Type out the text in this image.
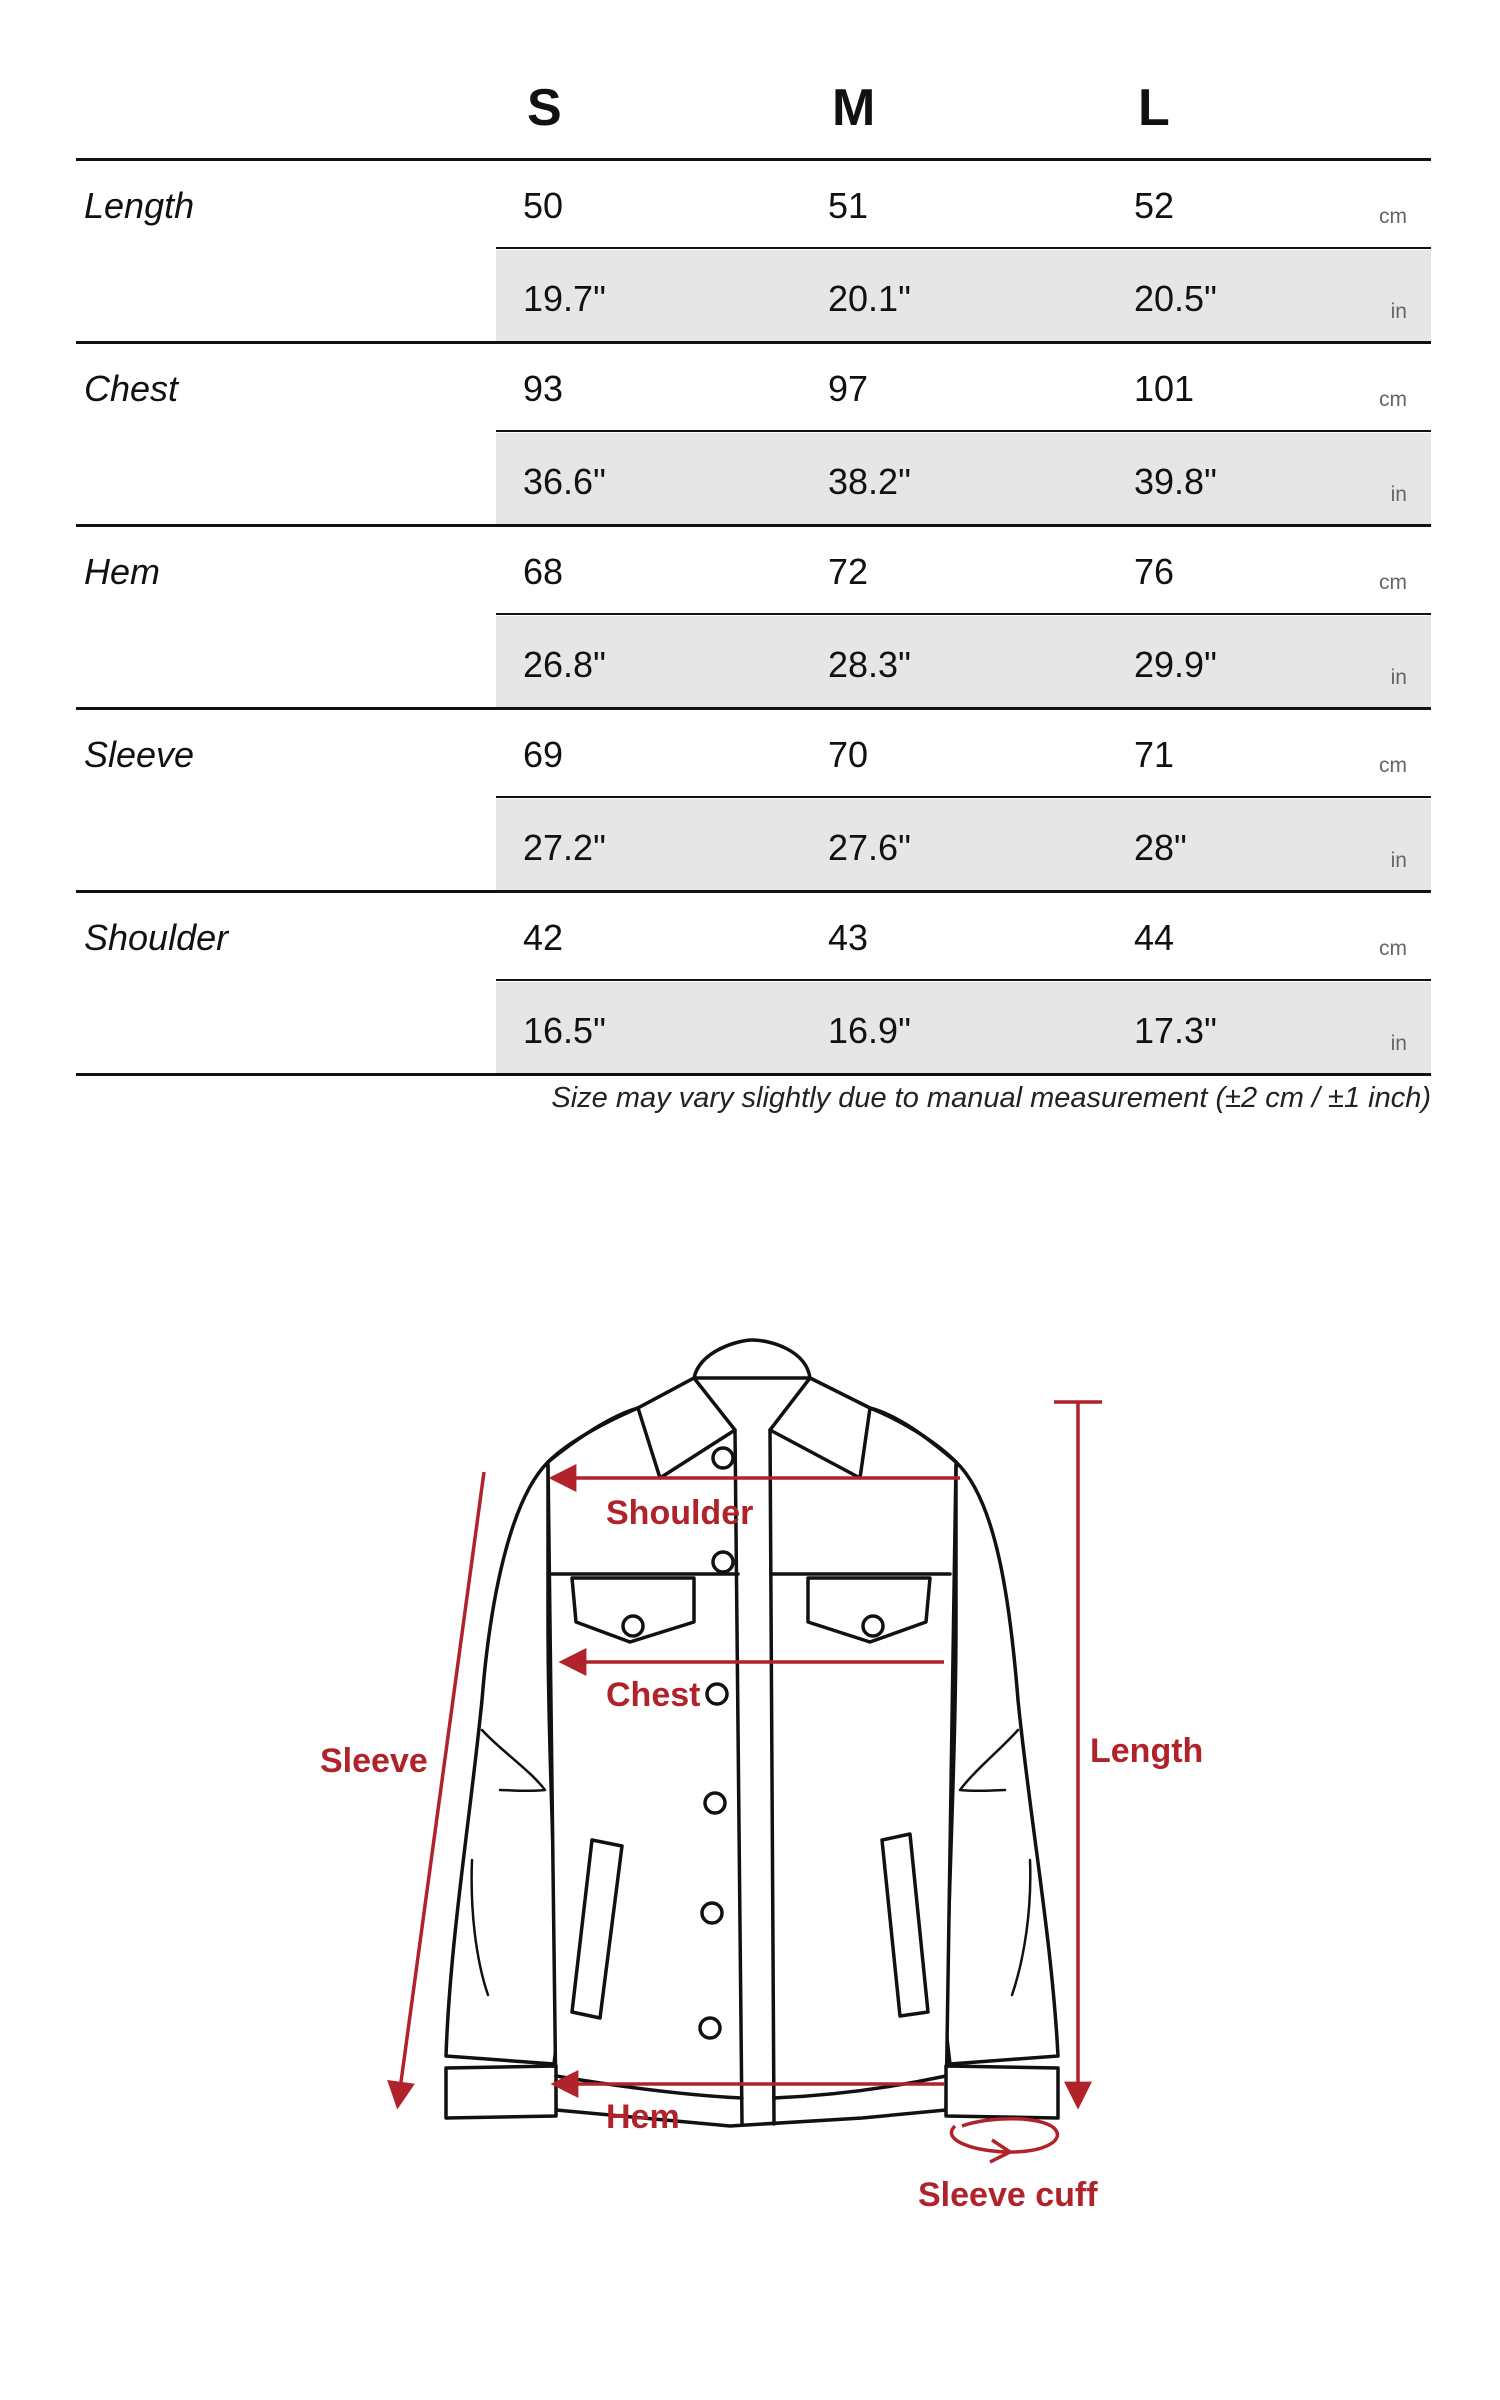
S	M	L
Length	50	51	52	cm
19.7"	20.1"	20.5"	in
Chest	93	97	101	cm
36.6"	38.2"	39.8"	in
Hem	68	72	76	cm
26.8"	28.3"	29.9"	in
Sleeve	69	70	71	cm
27.2"	27.6"	28"	in
Shoulder	42	43	44	cm
16.5"	16.9"	17.3"	in
Size may vary slightly due to manual measurement (±2 cm / ±1 inch)
Shoulder
Chest
Hem
Sleeve	Length
Sleeve cuff
